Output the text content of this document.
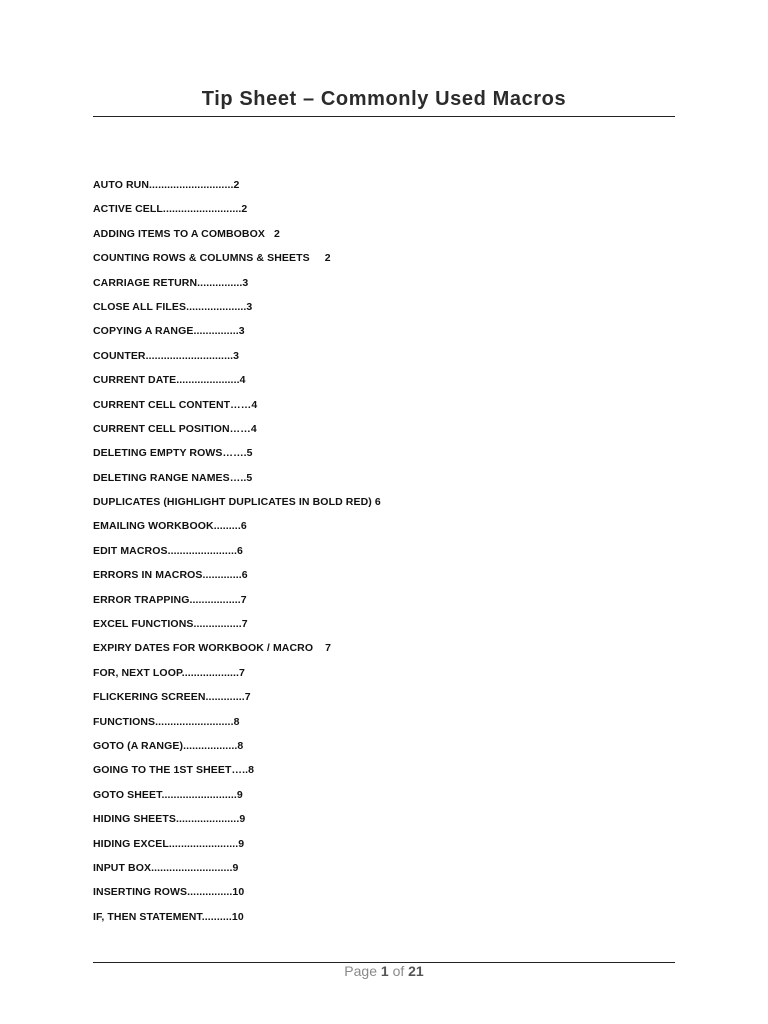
Tip Sheet – Commonly Used Macros
AUTO RUN............................2
ACTIVE CELL..........................2
ADDING ITEMS TO A COMBOBOX   2
COUNTING ROWS & COLUMNS & SHEETS     2
CARRIAGE RETURN...............3
CLOSE ALL FILES....................3
COPYING A RANGE...............3
COUNTER.............................3
CURRENT DATE.....................4
CURRENT CELL CONTENT……4
CURRENT CELL POSITION……4
DELETING EMPTY ROWS…….5
DELETING RANGE NAMES…..5
DUPLICATES (HIGHLIGHT DUPLICATES IN BOLD RED) 6
EMAILING WORKBOOK.........6
EDIT MACROS.......................6
ERRORS IN MACROS.............6
ERROR TRAPPING.................7
EXCEL FUNCTIONS................7
EXPIRY DATES FOR WORKBOOK / MACRO    7
FOR, NEXT LOOP...................7
FLICKERING SCREEN.............7
FUNCTIONS..........................8
GOTO (A RANGE)..................8
GOING TO THE 1ST SHEET…..8
GOTO SHEET.........................9
HIDING SHEETS.....................9
HIDING EXCEL.......................9
INPUT BOX...........................9
INSERTING ROWS...............10
IF, THEN STATEMENT..........10
Page 1 of 21
